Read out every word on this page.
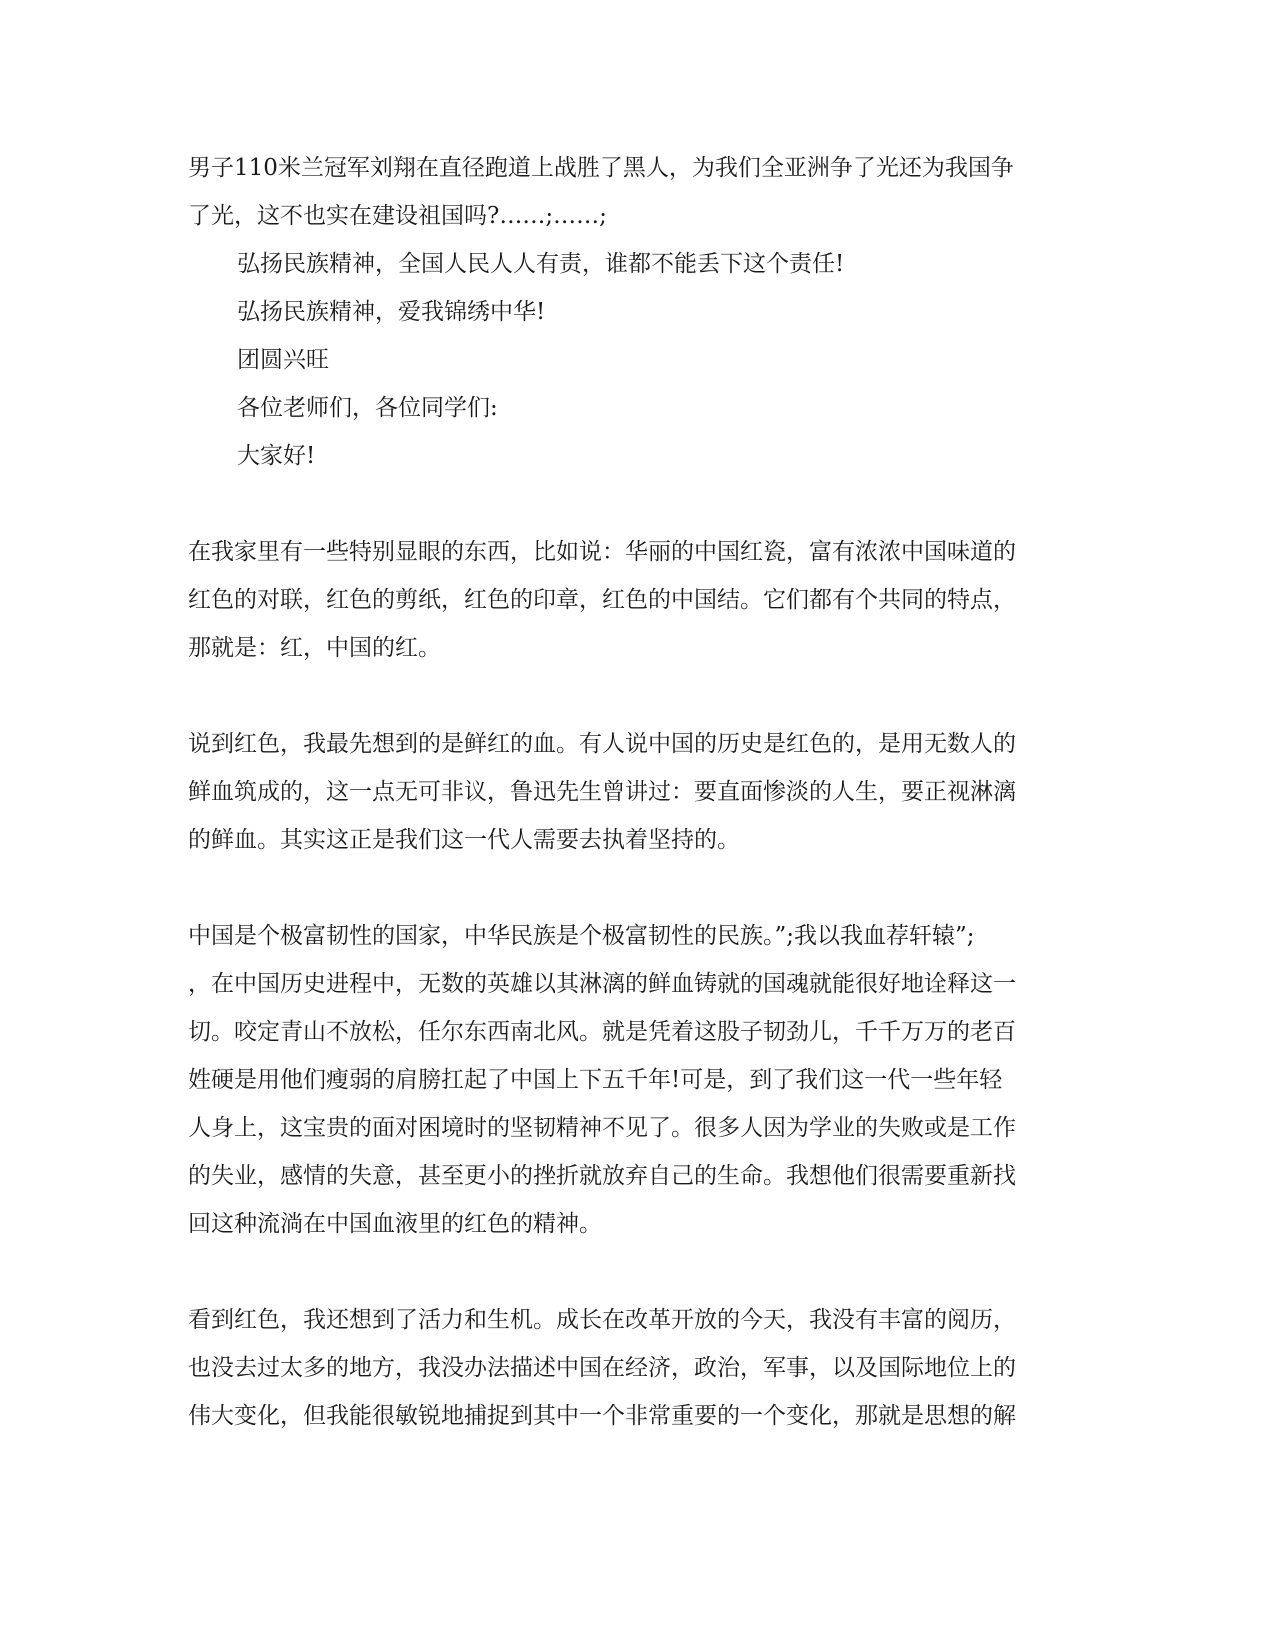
男子110米兰冠军刘翔在直径跑道上战胜了黑人，为我们全亚洲争了光还为我国争

了光，这不也实在建设祖国吗?……;……;

弘扬民族精神，全国人民人人有责，谁都不能丢下这个责任!

弘扬民族精神，爱我锦绣中华!

团圆兴旺

各位老师们，各位同学们:

大家好!

在我家里有一些特别显眼的东西，比如说：华丽的中国红瓷，富有浓浓中国味道的

红色的对联，红色的剪纸，红色的印章，红色的中国结。它们都有个共同的特点，

那就是：红，中国的红。

说到红色，我最先想到的是鲜红的血。有人说中国的历史是红色的，是用无数人的

鲜血筑成的，这一点无可非议，鲁迅先生曾讲过：要直面惨淡的人生，要正视淋漓

的鲜血。其实这正是我们这一代人需要去执着坚持的。

中国是个极富韧性的国家，中华民族是个极富韧性的民族。”;我以我血荐轩辕”;

，在中国历史进程中，无数的英雄以其淋漓的鲜血铸就的国魂就能很好地诠释这一

切。咬定青山不放松，任尔东西南北风。就是凭着这股子韧劲儿，千千万万的老百

姓硬是用他们瘦弱的肩膀扛起了中国上下五千年!可是，到了我们这一代一些年轻

人身上，这宝贵的面对困境时的坚韧精神不见了。很多人因为学业的失败或是工作

的失业，感情的失意，甚至更小的挫折就放弃自己的生命。我想他们很需要重新找

回这种流淌在中国血液里的红色的精神。

看到红色，我还想到了活力和生机。成长在改革开放的今天，我没有丰富的阅历，

也没去过太多的地方，我没办法描述中国在经济，政治，军事，以及国际地位上的

伟大变化，但我能很敏锐地捕捉到其中一个非常重要的一个变化，那就是思想的解
